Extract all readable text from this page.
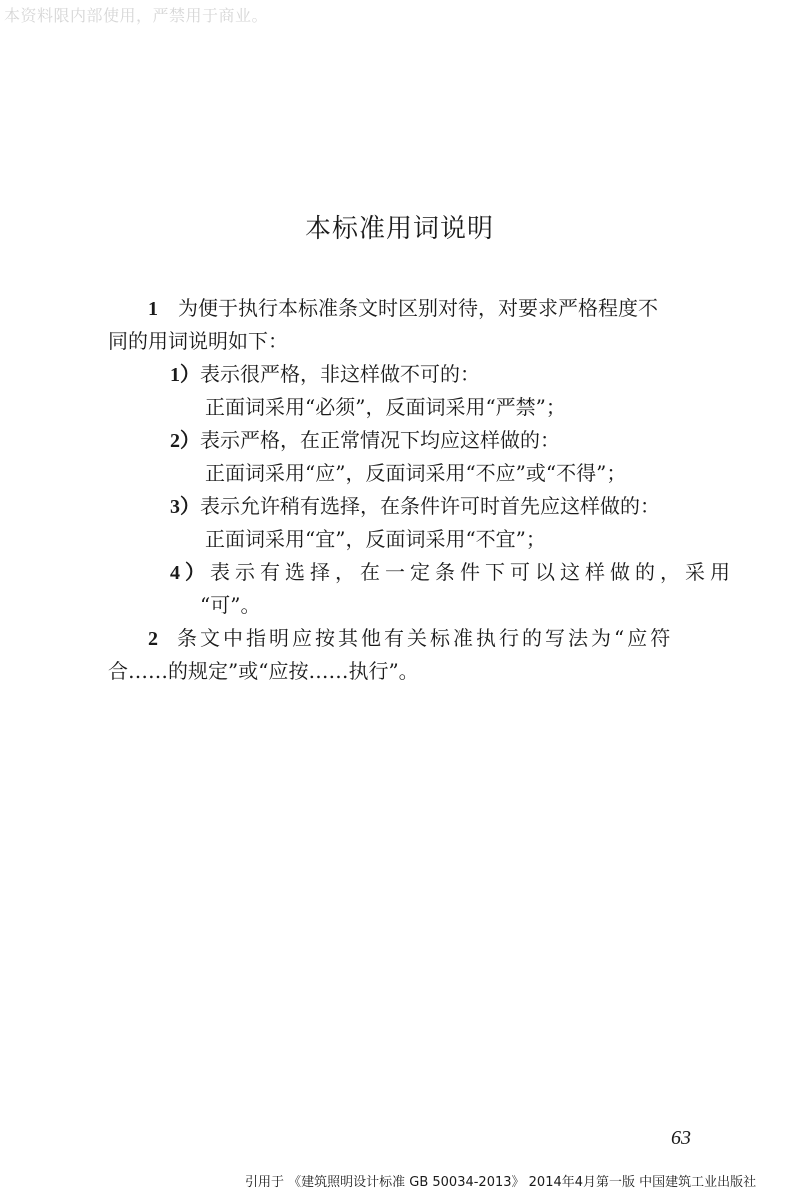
本资料限内部使用，严禁用于商业。
本标准用词说明
1 为便于执行本标准条文时区别对待，对要求严格程度不
同的用词说明如下：
1）表示很严格，非这样做不可的：
正面词采用“必须”，反面词采用“严禁”；
2）表示严格，在正常情况下均应这样做的：
正面词采用“应”，反面词采用“不应”或“不得”；
3）表示允许稍有选择，在条件许可时首先应这样做的：
正面词采用“宜”，反面词采用“不宜”；
4）表示有选择，在一定条件下可以这样做的，采用
“可”。
2 条文中指明应按其他有关标准执行的写法为“应符
合……的规定”或“应按……执行”。
63
引用于 《建筑照明设计标准 GB 50034-2013》 2014年4月第一版 中国建筑工业出版社
